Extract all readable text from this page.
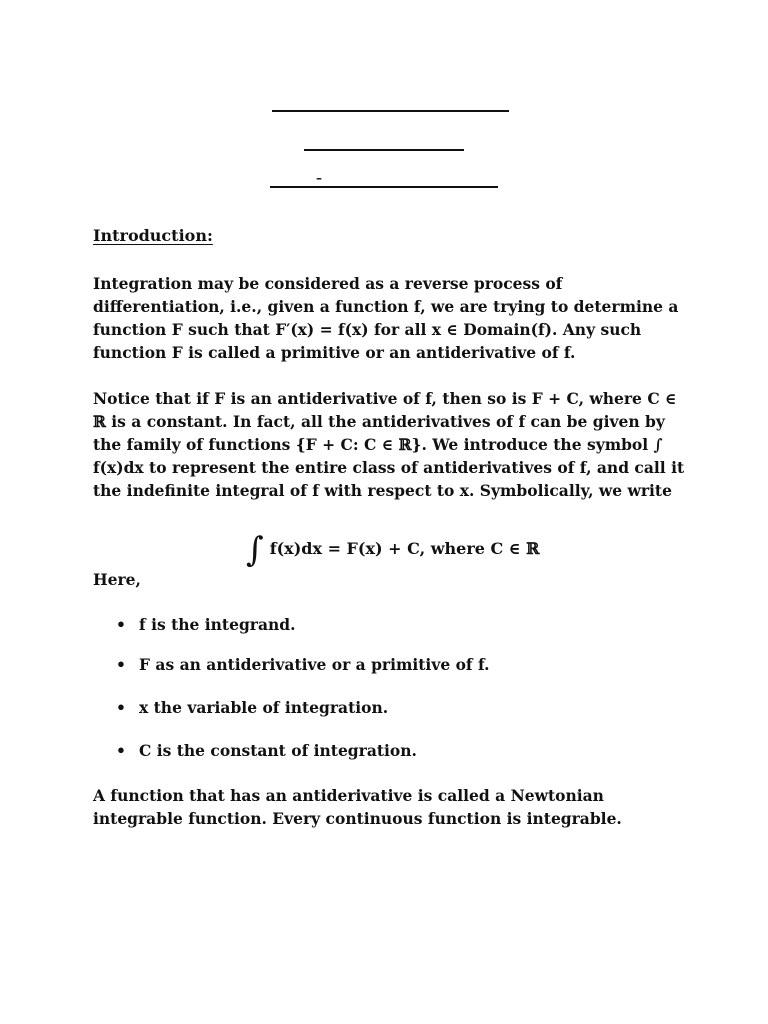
–
Introduction:

Integration may be considered as a reverse process of differentiation, i.e., given a function f, we are trying to determine a function F such that F′(x) = f(x) for all x ∈ Domain(f). Any such function F is called a primitive or an antiderivative of f.

Notice that if F is an antiderivative of f, then so is F + C, where C ∈ ℝ is a constant. In fact, all the antiderivatives of f can be given by the family of functions {F + C: C ∈ ℝ}. We introduce the symbol ∫ f(x)dx to represent the entire class of antiderivatives of f, and call it the indefinite integral of f with respect to x. Symbolically, we write

∫ f(x)dx = F(x) + C, where C ∈ ℝ

Here,

• f is the integrand.
• F as an antiderivative or a primitive of f.
• x the variable of integration.
• C is the constant of integration.

A function that has an antiderivative is called a Newtonian integrable function. Every continuous function is integrable.
